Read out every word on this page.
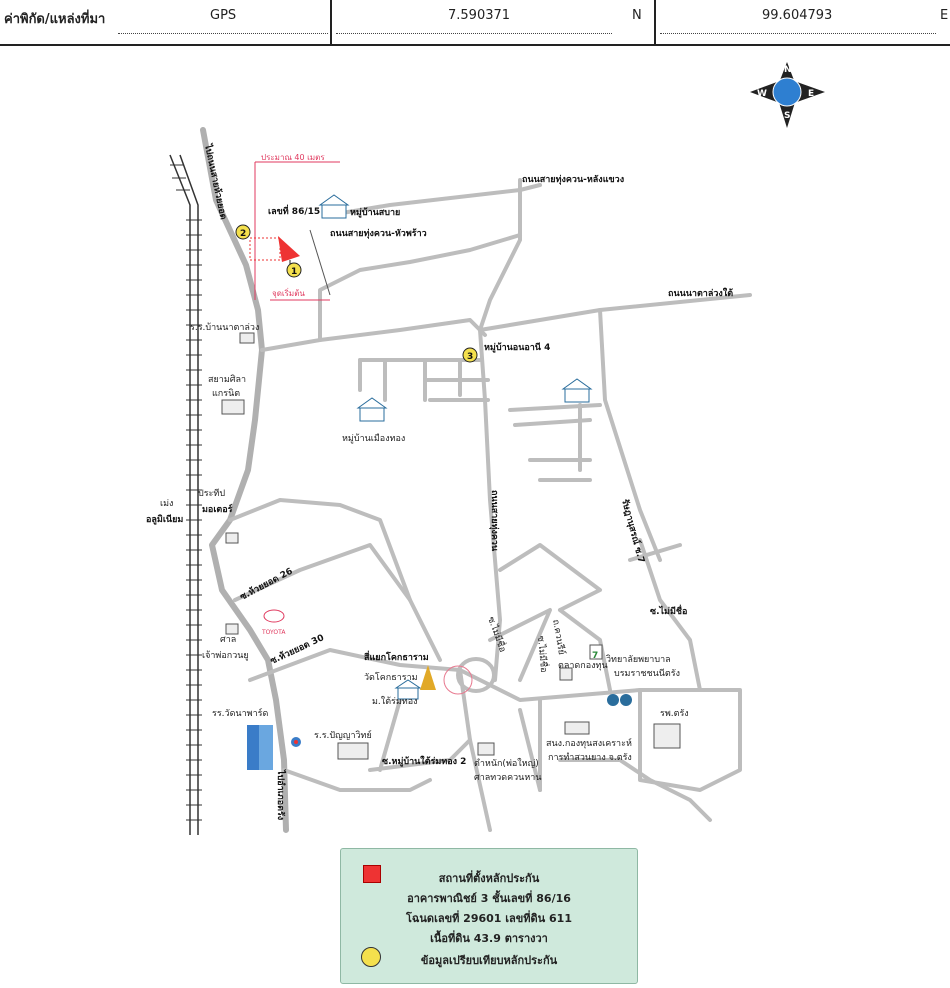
ค่าพิกัด/แหล่งที่มา	GPS	7.590371	N	99.604793	E
N
S
E
W
2
1
3
TOYOTA
7
ไปถนนสายห้วยยอด	ประมาณ 40 เมตร
เลขที่ 86/15	หมู่บ้านสบาย
ถนนสายทุ่งควน-หัวพร้าว
ถนนสายทุ่งควน-หลังแขวง
ถนนนาตาล่วงใต้
จุดเริ่มต้น
ร.ร.บ้านนาตาล่วง
หมู่บ้านอนอานี 4
สยามศิลา
แกรนิต
หมู่บ้านเมืองทอง
ถนนสายทุ่งควน	รัษฎานุสรณ์ ซ.7
เม่ง
อลูมิเนียม
ประทีป
มอเตอร์
ซ.ห้วยยอด 26
ซ.ห้วยยอด 30
ศาล
เจ้าพ่อกวนยู	สี่แยกโคกธาราม
วัดโคกธาราม
ซ.ไม่มีชื่อ	ถ.ควนรีย์
ซ.ไม่มีชื่อ
ซ.ไม่มีชื่อ	ตลาดกองทุน
วิทยาลัยพยาบาล
บรมราชชนนีตรัง
รพ.ตรัง
รร.วัดนาพาร์ด
ม.ใต้ร่มทอง
ซ.หมู่บ้านใต้ร่มทอง 2
ร.ร.ปัญญาวิทย์
สนง.กองทุนสงเคราะห์
การทำสวนยาง จ.ตรัง
ตำหนัก(พ่อใหญ่)
ศาลทวดควนหาน
ไปอำเภอตรัง
สถานที่ตั้งหลักประกัน
อาคารพาณิชย์ 3 ชั้นเลขที่ 86/16
โฉนดเลขที่ 29601 เลขที่ดิน 611
เนื้อที่ดิน 43.9 ตารางวา
ข้อมูลเปรียบเทียบหลักประกัน
